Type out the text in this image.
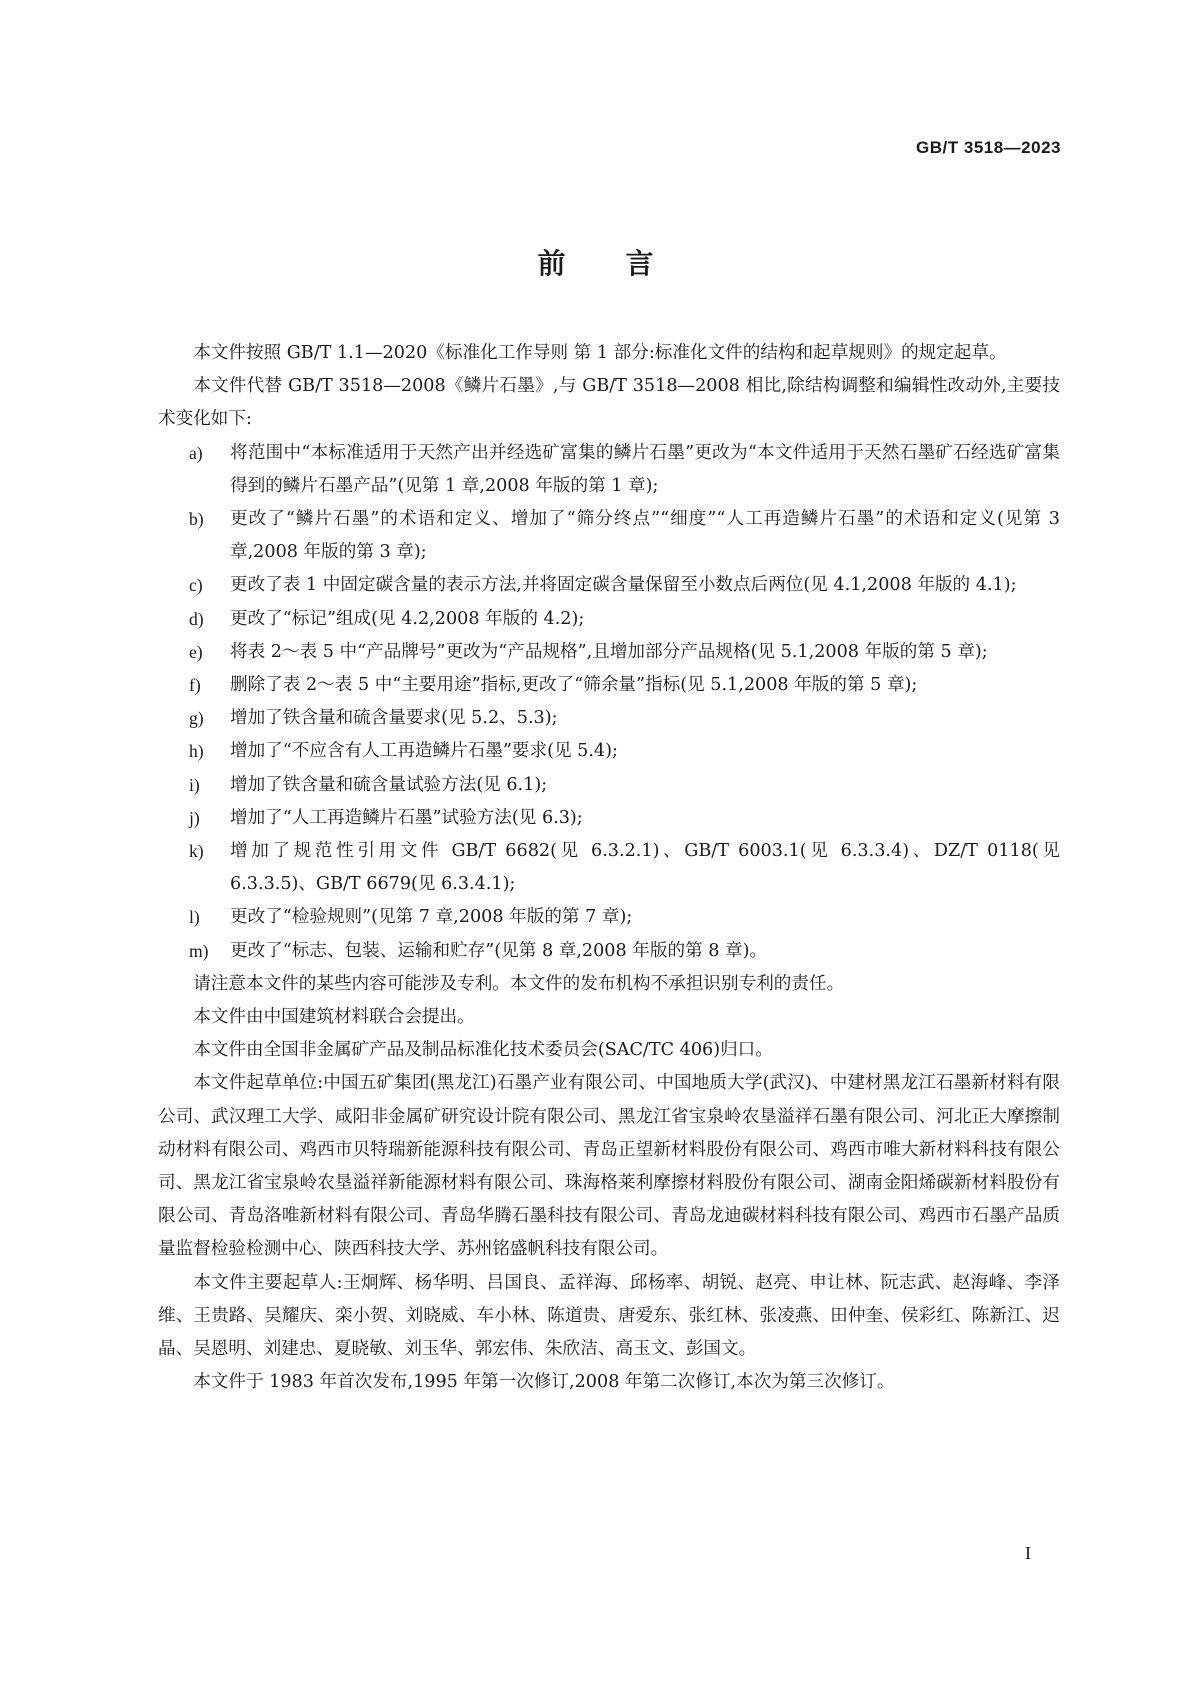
GB/T 3518—2023
前 言

本文件按照 GB/T 1.1—2020《标准化工作导则 第 1 部分:标准化文件的结构和起草规则》的规定起草。

本文件代替 GB/T 3518—2008《鳞片石墨》,与 GB/T 3518—2008 相比,除结构调整和编辑性改动外,主要技术变化如下:

a)	将范围中“本标准适用于天然产出并经选矿富集的鳞片石墨”更改为“本文件适用于天然石墨矿石经选矿富集得到的鳞片石墨产品”(见第 1 章,2008 年版的第 1 章);
b)	更改了“鳞片石墨”的术语和定义、增加了“筛分终点”“细度”“人工再造鳞片石墨”的术语和定义(见第 3 章,2008 年版的第 3 章);
c)	更改了表 1 中固定碳含量的表示方法,并将固定碳含量保留至小数点后两位(见 4.1,2008 年版的 4.1);
d)	更改了“标记”组成(见 4.2,2008 年版的 4.2);
e)	将表 2～表 5 中“产品牌号”更改为“产品规格”,且增加部分产品规格(见 5.1,2008 年版的第 5 章);
f)	删除了表 2～表 5 中“主要用途”指标,更改了“筛余量”指标(见 5.1,2008 年版的第 5 章);
g)	增加了铁含量和硫含量要求(见 5.2、5.3);
h)	增加了“不应含有人工再造鳞片石墨”要求(见 5.4);
i)	增加了铁含量和硫含量试验方法(见 6.1);
j)	增加了“人工再造鳞片石墨”试验方法(见 6.3);
k)	增加了规范性引用文件 GB/T 6682(见 6.3.2.1)、GB/T 6003.1(见 6.3.3.4)、DZ/T 0118(见 6.3.3.5)、GB/T 6679(见 6.3.4.1);
l)	更改了“检验规则”(见第 7 章,2008 年版的第 7 章);
m)	更改了“标志、包装、运输和贮存”(见第 8 章,2008 年版的第 8 章)。

请注意本文件的某些内容可能涉及专利。本文件的发布机构不承担识别专利的责任。

本文件由中国建筑材料联合会提出。

本文件由全国非金属矿产品及制品标准化技术委员会(SAC/TC 406)归口。

本文件起草单位:中国五矿集团(黑龙江)石墨产业有限公司、中国地质大学(武汉)、中建材黑龙江石墨新材料有限公司、武汉理工大学、咸阳非金属矿研究设计院有限公司、黑龙江省宝泉岭农垦溢祥石墨有限公司、河北正大摩擦制动材料有限公司、鸡西市贝特瑞新能源科技有限公司、青岛正望新材料股份有限公司、鸡西市唯大新材料科技有限公司、黑龙江省宝泉岭农垦溢祥新能源材料有限公司、珠海格莱利摩擦材料股份有限公司、湖南金阳烯碳新材料股份有限公司、青岛洛唯新材料有限公司、青岛华腾石墨科技有限公司、青岛龙迪碳材料科技有限公司、鸡西市石墨产品质量监督检验检测中心、陕西科技大学、苏州铭盛帆科技有限公司。

本文件主要起草人:王炯辉、杨华明、吕国良、孟祥海、邱杨率、胡锐、赵亮、申让林、阮志武、赵海峰、李泽维、王贵路、吴耀庆、栾小贺、刘晓威、车小林、陈道贵、唐爱东、张红林、张凌燕、田仲奎、侯彩红、陈新江、迟晶、吴恩明、刘建忠、夏晓敏、刘玉华、郭宏伟、朱欣洁、高玉文、彭国文。

本文件于 1983 年首次发布,1995 年第一次修订,2008 年第二次修订,本次为第三次修订。

I
